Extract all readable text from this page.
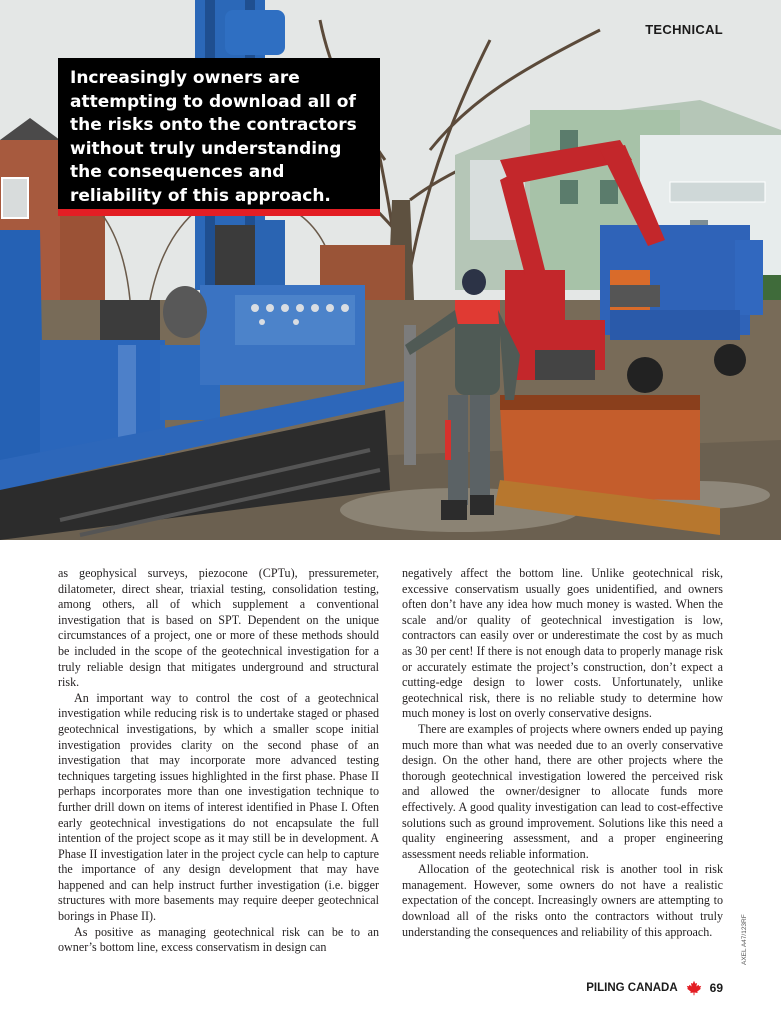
TECHNICAL

Increasingly owners are attempting to download all of the risks onto the contractors without truly understanding the consequences and reliability of this approach.

as geophysical surveys, piezocone (CPTu), pressuremeter, dilatometer, direct shear, triaxial testing, consolidation testing, among others, all of which supplement a conventional investigation that is based on SPT. Dependent on the unique circumstances of a project, one or more of these methods should be included in the scope of the geotechnical investigation for a truly reliable design that mitigates underground and structural risk.

An important way to control the cost of a geotechnical investigation while reducing risk is to undertake staged or phased geotechnical investigations, by which a smaller scope initial investigation provides clarity on the second phase of an investigation that may incorporate more advanced testing techniques targeting issues highlighted in the first phase. Phase II perhaps incorporates more than one investigation technique to further drill down on items of interest identified in Phase I. Often early geotechnical investigations do not encapsulate the full intention of the project scope as it may still be in development. A Phase II investigation later in the project cycle can help to capture the importance of any design development that may have happened and can help instruct further investigation (i.e. bigger structures with more basements may require deeper geotechnical borings in Phase II).

As positive as managing geotechnical risk can be to an owner’s bottom line, excess conservatism in design can

negatively affect the bottom line. Unlike geotechnical risk, excessive conservatism usually goes unidentified, and owners often don’t have any idea how much money is wasted. When the scale and/or quality of geotechnical investigation is low, contractors can easily over or underestimate the cost by as much as 30 per cent! If there is not enough data to properly manage risk or accurately estimate the project’s construction, don’t expect a cutting-edge design to lower costs. Unfortunately, unlike geotechnical risk, there is no reliable study to determine how much money is lost on overly conservative designs.

There are examples of projects where owners ended up paying much more than what was needed due to an overly conservative design. On the other hand, there are other projects where the thorough geotechnical investigation lowered the perceived risk and allowed the owner/designer to allocate funds more effectively. A good quality investigation can lead to cost-effective solutions such as ground improvement. Solutions like this need a quality engineering assessment, and a proper engineering assessment needs reliable information.

Allocation of the geotechnical risk is another tool in risk management. However, some owners do not have a realistic expectation of the concept. Increasingly owners are attempting to download all of the risks onto the contractors without truly understanding the consequences and reliability of this approach.	AXEL A47/123RF
PILING CANADA	69
